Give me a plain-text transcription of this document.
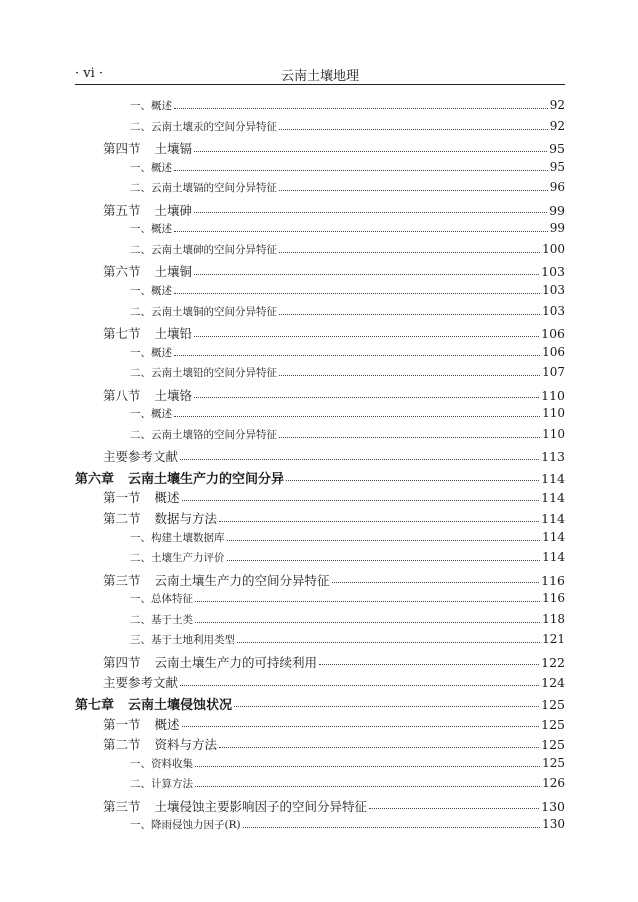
· vi ·	云南土壤地理
一、概述	92
二、云南土壤汞的空间分异特征	92
第四节 土壤镉	95
一、概述	95
二、云南土壤镉的空间分异特征	96
第五节 土壤砷	99
一、概述	99
二、云南土壤砷的空间分异特征	100
第六节 土壤铜	103
一、概述	103
二、云南土壤铜的空间分异特征	103
第七节 土壤铅	106
一、概述	106
二、云南土壤铅的空间分异特征	107
第八节 土壤铬	110
一、概述	110
二、云南土壤铬的空间分异特征	110
主要参考文献	113
第六章 云南土壤生产力的空间分异	114
第一节 概述	114
第二节 数据与方法	114
一、构建土壤数据库	114
二、土壤生产力评价	114
第三节 云南土壤生产力的空间分异特征	116
一、总体特征	116
二、基于土类	118
三、基于土地利用类型	121
第四节 云南土壤生产力的可持续利用	122
主要参考文献	124
第七章 云南土壤侵蚀状况	125
第一节 概述	125
第二节 资料与方法	125
一、资料收集	125
二、计算方法	126
第三节 土壤侵蚀主要影响因子的空间分异特征	130
一、降雨侵蚀力因子(R)	130
